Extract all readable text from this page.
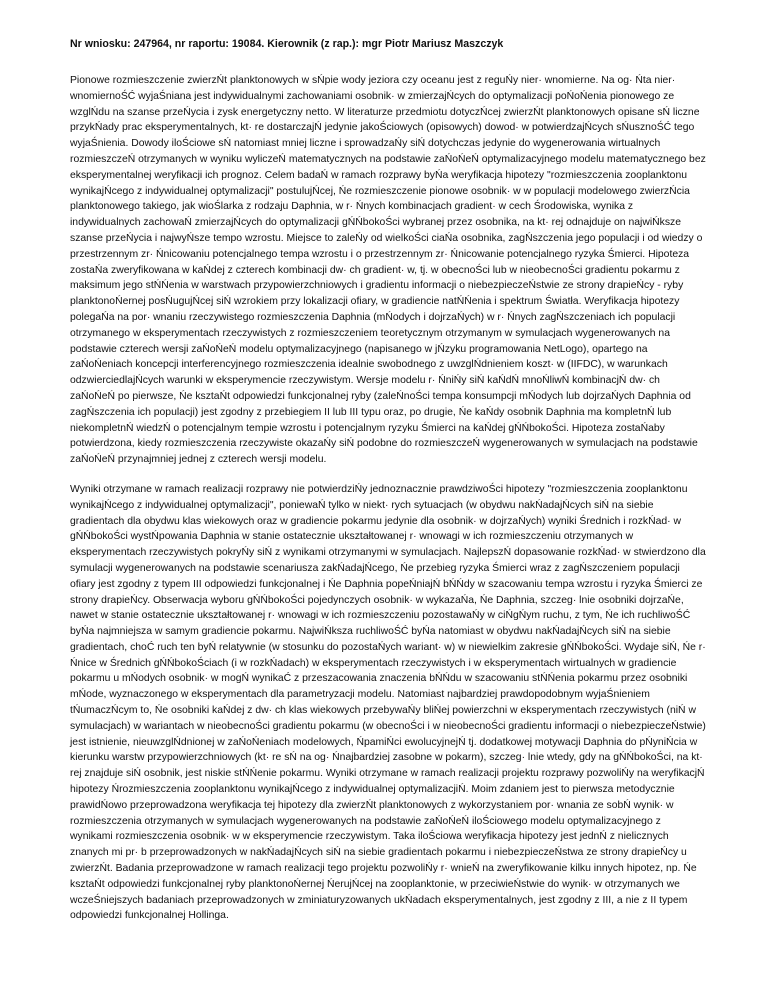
Nr wniosku: 247964, nr raportu: 19084. Kierownik (z rap.): mgr Piotr Mariusz Maszczyk

Pionowe rozmieszczenie zwierzŃt planktonowych w sŃpie wody jeziora czy oceanu jest z reguŃy nier· wnomierne. Na og· Ńta nier· wnomiernoŚĆ wyjaŚniana jest indywidualnymi zachowaniami osobnik· w zmierzajŃcych do optymalizacji poŃoŃenia pionowego ze wzglŃdu na szanse przeŃycia i zysk energetyczny netto. W literaturze przedmiotu dotyczŃcej zwierzŃt planktonowych opisane sŃ liczne przykŃady prac eksperymentalnych, kt· re dostarczajŃ jedynie jakoŚciowych (opisowych) dowod· w potwierdzajŃcych sŃusznoŚĆ tego wyjaŚnienia. Dowody iloŚciowe sŃ natomiast mniej liczne i sprowadzaŃy siŃ dotychczas jedynie do wygenerowania wirtualnych rozmieszczeŃ otrzymanych w wyniku wyliczeŃ matematycznych na podstawie zaŃoŃeŃ optymalizacyjnego modelu matematycznego bez eksperymentalnej weryfikacji ich prognoz. Celem badaŃ w ramach rozprawy byŃa weryfikacja hipotezy "rozmieszczenia zooplanktonu wynikajŃcego z indywidualnej optymalizacji" postulujŃcej, Ńe rozmieszczenie pionowe osobnik· w w populacji modelowego zwierzŃcia planktonowego takiego, jak wioŚlarka z rodzaju Daphnia, w r· Ńnych kombinacjach gradient· w cech Środowiska, wynika z indywidualnych zachowaŃ zmierzajŃcych do optymalizacji gŃŃbokoŚci wybranej przez osobnika, na kt· rej odnajduje on najwiŃksze szanse przeŃycia i najwyŃsze tempo wzrostu. Miejsce to zaleŃy od wielkoŚci ciaŃa osobnika, zagŃszczenia jego populacji i od wiedzy o przestrzennym zr· Ńnicowaniu potencjalnego tempa wzrostu i o przestrzennym zr· Ńnicowanie potencjalnego ryzyka Śmierci. Hipoteza zostaŃa zweryfikowana w kaŃdej z czterech kombinacji dw· ch gradient· w, tj. w obecnoŚci lub w nieobecnoŚci gradientu pokarmu z maksimum jego stŃŃenia w warstwach przypowierzchniowych i gradientu informacji o niebezpieczeŃstwie ze strony drapieŃcy - ryby planktonoŃernej posŃugujŃcej siŃ wzrokiem przy lokalizacji ofiary, w gradiencie natŃŃenia i spektrum Światła. Weryfikacja hipotezy polegaŃa na por· wnaniu rzeczywistego rozmieszczenia Daphnia (mŃodych i dojrzaŃych) w r· Ńnych zagŃszczeniach ich populacji otrzymanego w eksperymentach rzeczywistych z rozmieszczeniem teoretycznym otrzymanym w symulacjach wygenerowanych na podstawie czterech wersji zaŃoŃeŃ modelu optymalizacyjnego (napisanego w jŃzyku programowania NetLogo), opartego na zaŃoŃeniach koncepcji interferencyjnego rozmieszczenia idealnie swobodnego z uwzglŃdnieniem koszt· w (IIFDC), w warunkach odzwierciedlajŃcych warunki w eksperymencie rzeczywistym. Wersje modelu r· ŃniŃy siŃ kaŃdŃ mnoŃliwŃ kombinacjŃ dw· ch zaŃoŃeŃ po pierwsze, Ńe ksztaŃt odpowiedzi funkcjonalnej ryby (zaleŃnoŚci tempa konsumpcji mŃodych lub dojrzaŃych Daphnia od zagŃszczenia ich populacji) jest zgodny z przebiegiem II lub III typu oraz, po drugie, Ńe kaŃdy osobnik Daphnia ma kompletnŃ lub niekompletnŃ wiedzŃ o potencjalnym tempie wzrostu i potencjalnym ryzyku Śmierci na kaŃdej gŃŃbokoŚci. Hipoteza zostaŃaby potwierdzona, kiedy rozmieszczenia rzeczywiste okazaŃy siŃ podobne do rozmieszczeŃ wygenerowanych w symulacjach na podstawie zaŃoŃeŃ przynajmniej jednej z czterech wersji modelu.

Wyniki otrzymane w ramach realizacji rozprawy nie potwierdziŃy jednoznacznie prawdziwoŚci hipotezy "rozmieszczenia zooplanktonu wynikajŃcego z indywidualnej optymalizacji", poniewaŃ tylko w niekt· rych sytuacjach (w obydwu nakŃadajŃcych siŃ na siebie gradientach dla obydwu klas wiekowych oraz w gradiencie pokarmu jedynie dla osobnik· w dojrzaŃych) wyniki Średnich i rozkŃad· w gŃŃbokoŚci wystŃpowania Daphnia w stanie ostatecznie ukształtowanej r· wnowagi w ich rozmieszczeniu otrzymanych w eksperymentach rzeczywistych pokryŃy siŃ z wynikami otrzymanymi w symulacjach. NajlepszŃ dopasowanie rozkŃad· w stwierdzono dla symulacji wygenerowanych na podstawie scenariusza zakŃadajŃcego, Ńe przebieg ryzyka Śmierci wraz z zagŃszczeniem populacji ofiary jest zgodny z typem III odpowiedzi funkcjonalnej i Ńe Daphnia popeŃniajŃ bŃŃdy w szacowaniu tempa wzrostu i ryzyka Śmierci ze strony drapieŃcy. Obserwacja wyboru gŃŃbokoŚci pojedynczych osobnik· w wykazaŃa, Ńe Daphnia, szczeg· lnie osobniki dojrzaŃe, nawet w stanie ostatecznie ukształtowanej r· wnowagi w ich rozmieszczeniu pozostawaŃy w ciŃgŃym ruchu, z tym, Ńe ich ruchliwoŚĆ byŃa najmniejsza w samym gradiencie pokarmu. NajwiŃksza ruchliwoŚĆ byŃa natomiast w obydwu nakŃadajŃcych siŃ na siebie gradientach, choĆ ruch ten byŃ relatywnie (w stosunku do pozostaŃych wariant· w) w niewielkim zakresie gŃŃbokoŚci. Wydaje siŃ, Ńe r· Ńnice w Średnich gŃŃbokoŚciach (i w rozkŃadach) w eksperymentach rzeczywistych i w eksperymentach wirtualnych w gradiencie pokarmu u mŃodych osobnik· w mogŃ wynikaĆ z przeszacowania znaczenia bŃŃdu w szacowaniu stŃŃenia pokarmu przez osobniki mŃode, wyznaczonego w eksperymentach dla parametryzacji modelu. Natomiast najbardziej prawdopodobnym wyjaŚnieniem tŃumaczŃcym to, Ńe osobniki kaŃdej z dw· ch klas wiekowych przebywaŃy bliŃej powierzchni w eksperymentach rzeczywistych (niŃ w symulacjach) w wariantach w nieobecnoŚci gradientu pokarmu (w obecnoŚci i w nieobecnoŚci gradientu informacji o niebezpieczeŃstwie) jest istnienie, nieuwzglŃdnionej w zaŃoŃeniach modelowych, ŃpamiŃci ewolucyjnejŃ tj. dodatkowej motywacji Daphnia do pŃyniŃcia w kierunku warstw przypowierzchniowych (kt· re sŃ na og· Ńnajbardziej zasobne w pokarm), szczeg· lnie wtedy, gdy na gŃŃbokoŚci, na kt· rej znajduje siŃ osobnik, jest niskie stŃŃenie pokarmu. Wyniki otrzymane w ramach realizacji projektu rozprawy pozwoliŃy na weryfikacjŃ hipotezy Ńrozmieszczenia zooplanktonu wynikajŃcego z indywidualnej optymalizacjiŃ. Moim zdaniem jest to pierwsza metodycznie prawidŃowo przeprowadzona weryfikacja tej hipotezy dla zwierzŃt planktonowych z wykorzystaniem por· wnania ze sobŃ wynik· w rozmieszczenia otrzymanych w symulacjach wygenerowanych na podstawie zaŃoŃeŃ iloŚciowego modelu optymalizacyjnego z wynikami rozmieszczenia osobnik· w w eksperymencie rzeczywistym. Taka iloŚciowa weryfikacja hipotezy jest jednŃ z nielicznych znanych mi pr· b przeprowadzonych w nakŃadajŃcych siŃ na siebie gradientach pokarmu i niebezpieczeŃstwa ze strony drapieŃcy u zwierzŃt. Badania przeprowadzone w ramach realizacji tego projektu pozwoliŃy r· wnieŃ na zweryfikowanie kilku innych hipotez, np. Ńe ksztaŃt odpowiedzi funkcjonalnej ryby planktonoŃernej ŃerujŃcej na zooplanktonie, w przeciwieŃstwie do wynik· w otrzymanych we wczeŚniejszych badaniach przeprowadzonych w zminiaturyzowanych ukŃadach eksperymentalnych, jest zgodny z III, a nie z II typem odpowiedzi funkcjonalnej Hollinga.
